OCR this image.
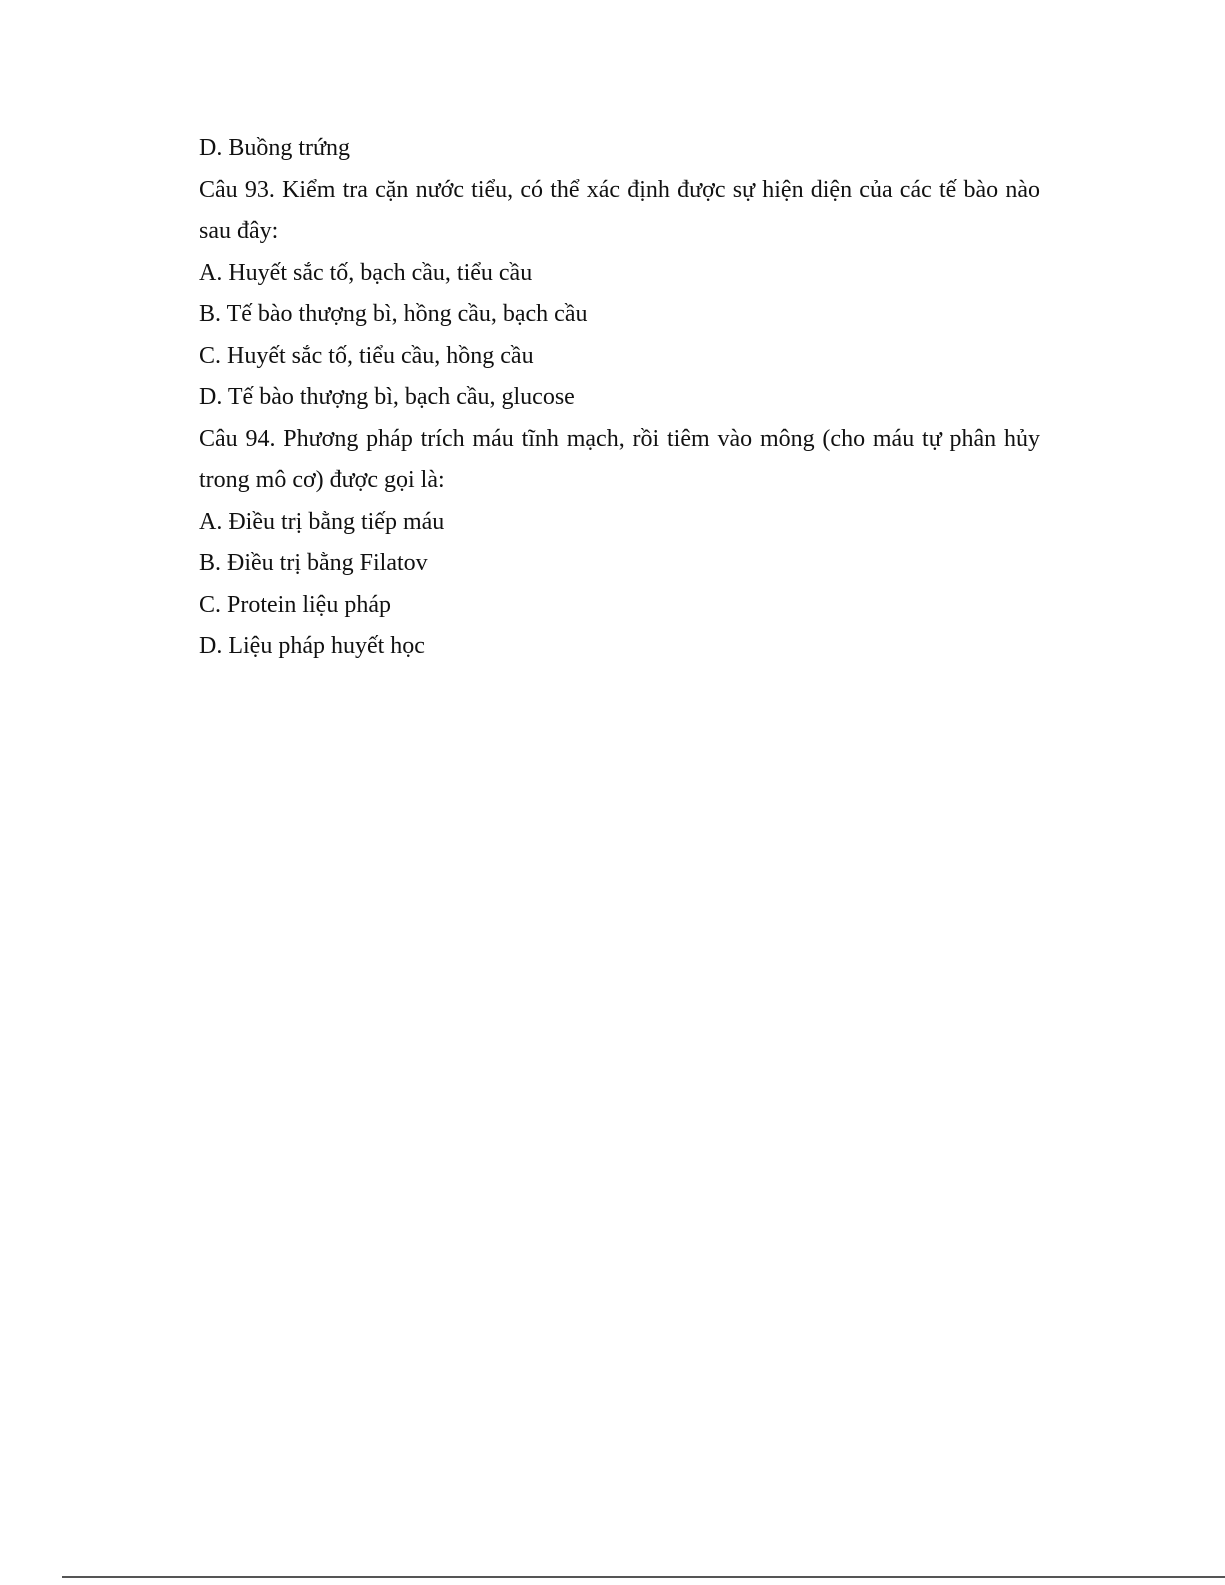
D. Buồng trứng

Câu 93. Kiểm tra cặn nước tiểu, có thể xác định được sự hiện diện của các tế bào nào sau đây:

A. Huyết sắc tố, bạch cầu, tiểu cầu

B. Tế bào thượng bì, hồng cầu, bạch cầu

C. Huyết sắc tố, tiểu cầu, hồng cầu

D. Tế bào thượng bì, bạch cầu, glucose

Câu 94. Phương pháp trích máu tĩnh mạch, rồi tiêm vào mông (cho máu tự phân hủy trong mô cơ) được gọi là:

A. Điều trị bằng tiếp máu

B. Điều trị bằng Filatov

C. Protein liệu pháp

D. Liệu pháp huyết học
